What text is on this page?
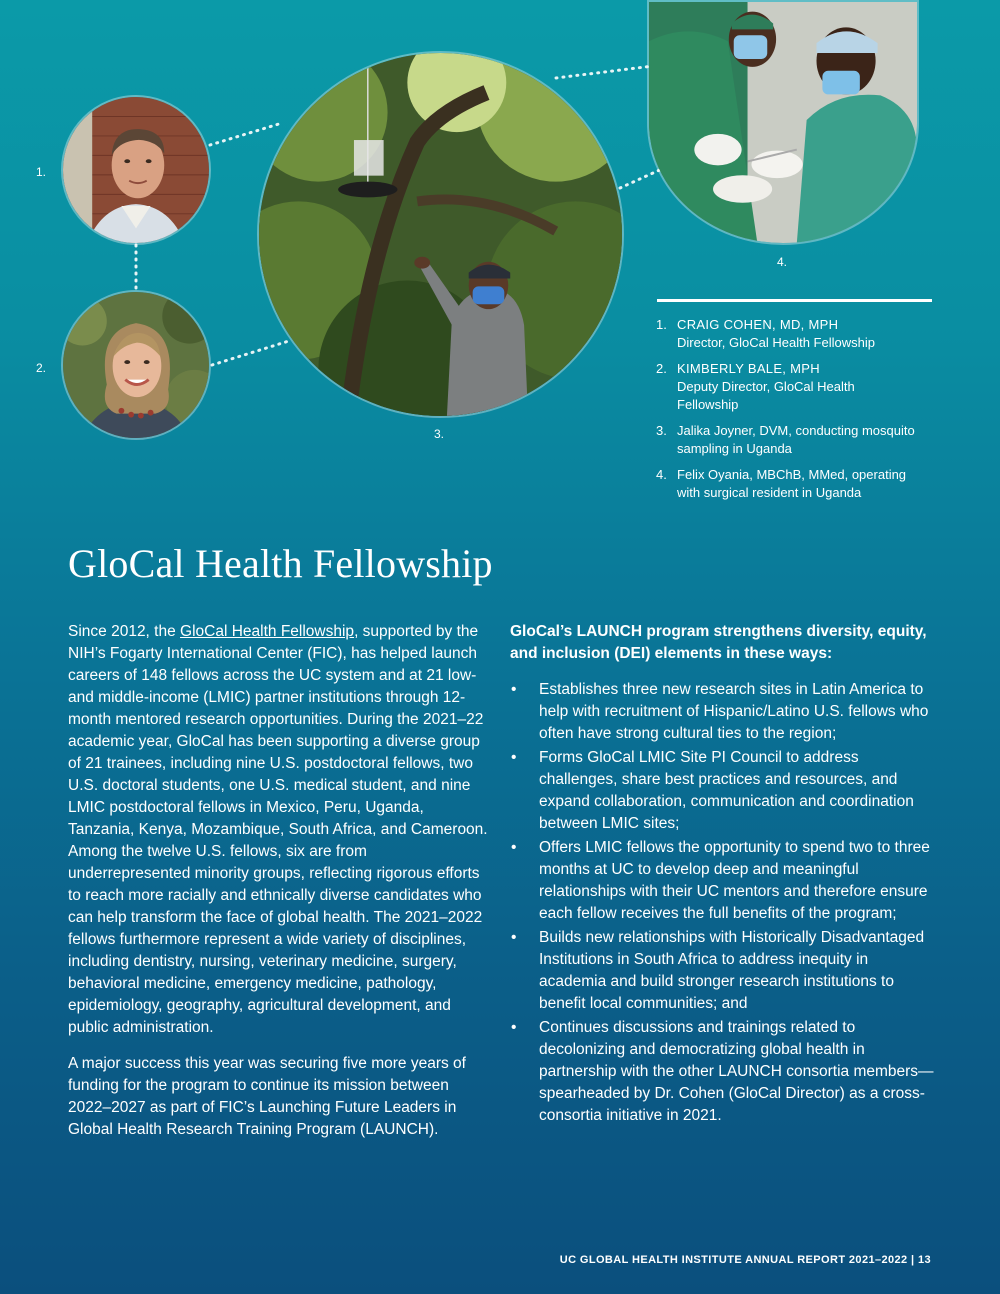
1.
2.
3.
4.
1. CRAIG COHEN, MD, MPH
Director, GloCal Health Fellowship
2. KIMBERLY BALE, MPH
Deputy Director, GloCal Health Fellowship
3. Jalika Joyner, DVM, conducting mosquito sampling in Uganda
4. Felix Oyania, MBChB, MMed, operating with surgical resident in Uganda
GloCal Health Fellowship

Since 2012, the GloCal Health Fellowship, supported by the NIH’s Fogarty International Center (FIC), has helped launch careers of 148 fellows across the UC system and at 21 low- and middle-income (LMIC) partner institutions through 12-month mentored research opportunities. During the 2021–22 academic year, GloCal has been supporting a diverse group of 21 trainees, including nine U.S. postdoctoral fellows, two U.S. doctoral students, one U.S. medical student, and nine LMIC postdoctoral fellows in Mexico, Peru, Uganda, Tanzania, Kenya, Mozambique, South Africa, and Cameroon. Among the twelve U.S. fellows, six are from underrepresented minority groups, reflecting rigorous efforts to reach more racially and ethnically diverse candidates who can help transform the face of global health. The 2021–2022 fellows furthermore represent a wide variety of disciplines, including dentistry, nursing, veterinary medicine, surgery, behavioral medicine, emergency medicine, pathology, epidemiology, geography, agricultural development, and public administration.

A major success this year was securing five more years of funding for the program to continue its mission between 2022–2027 as part of FIC’s Launching Future Leaders in Global Health Research Training Program (LAUNCH).

GloCal’s LAUNCH program strengthens diversity, equity, and inclusion (DEI) elements in these ways:
•	Establishes three new research sites in Latin America to help with recruitment of Hispanic/Latino U.S. fellows who often have strong cultural ties to the region;
•	Forms GloCal LMIC Site PI Council to address challenges, share best practices and resources, and expand collaboration, communication and coordination between LMIC sites;
•	Offers LMIC fellows the opportunity to spend two to three months at UC to develop deep and meaningful relationships with their UC mentors and therefore ensure each fellow receives the full benefits of the program;
•	Builds new relationships with Historically Disadvantaged Institutions in South Africa to address inequity in academia and build stronger research institutions to benefit local communities; and
•	Continues discussions and trainings related to decolonizing and democratizing global health in partnership with the other LAUNCH consortia members—spearheaded by Dr. Cohen (GloCal Director) as a cross-consortia initiative in 2021.
UC GLOBAL HEALTH INSTITUTE ANNUAL REPORT 2021–2022 | 13
